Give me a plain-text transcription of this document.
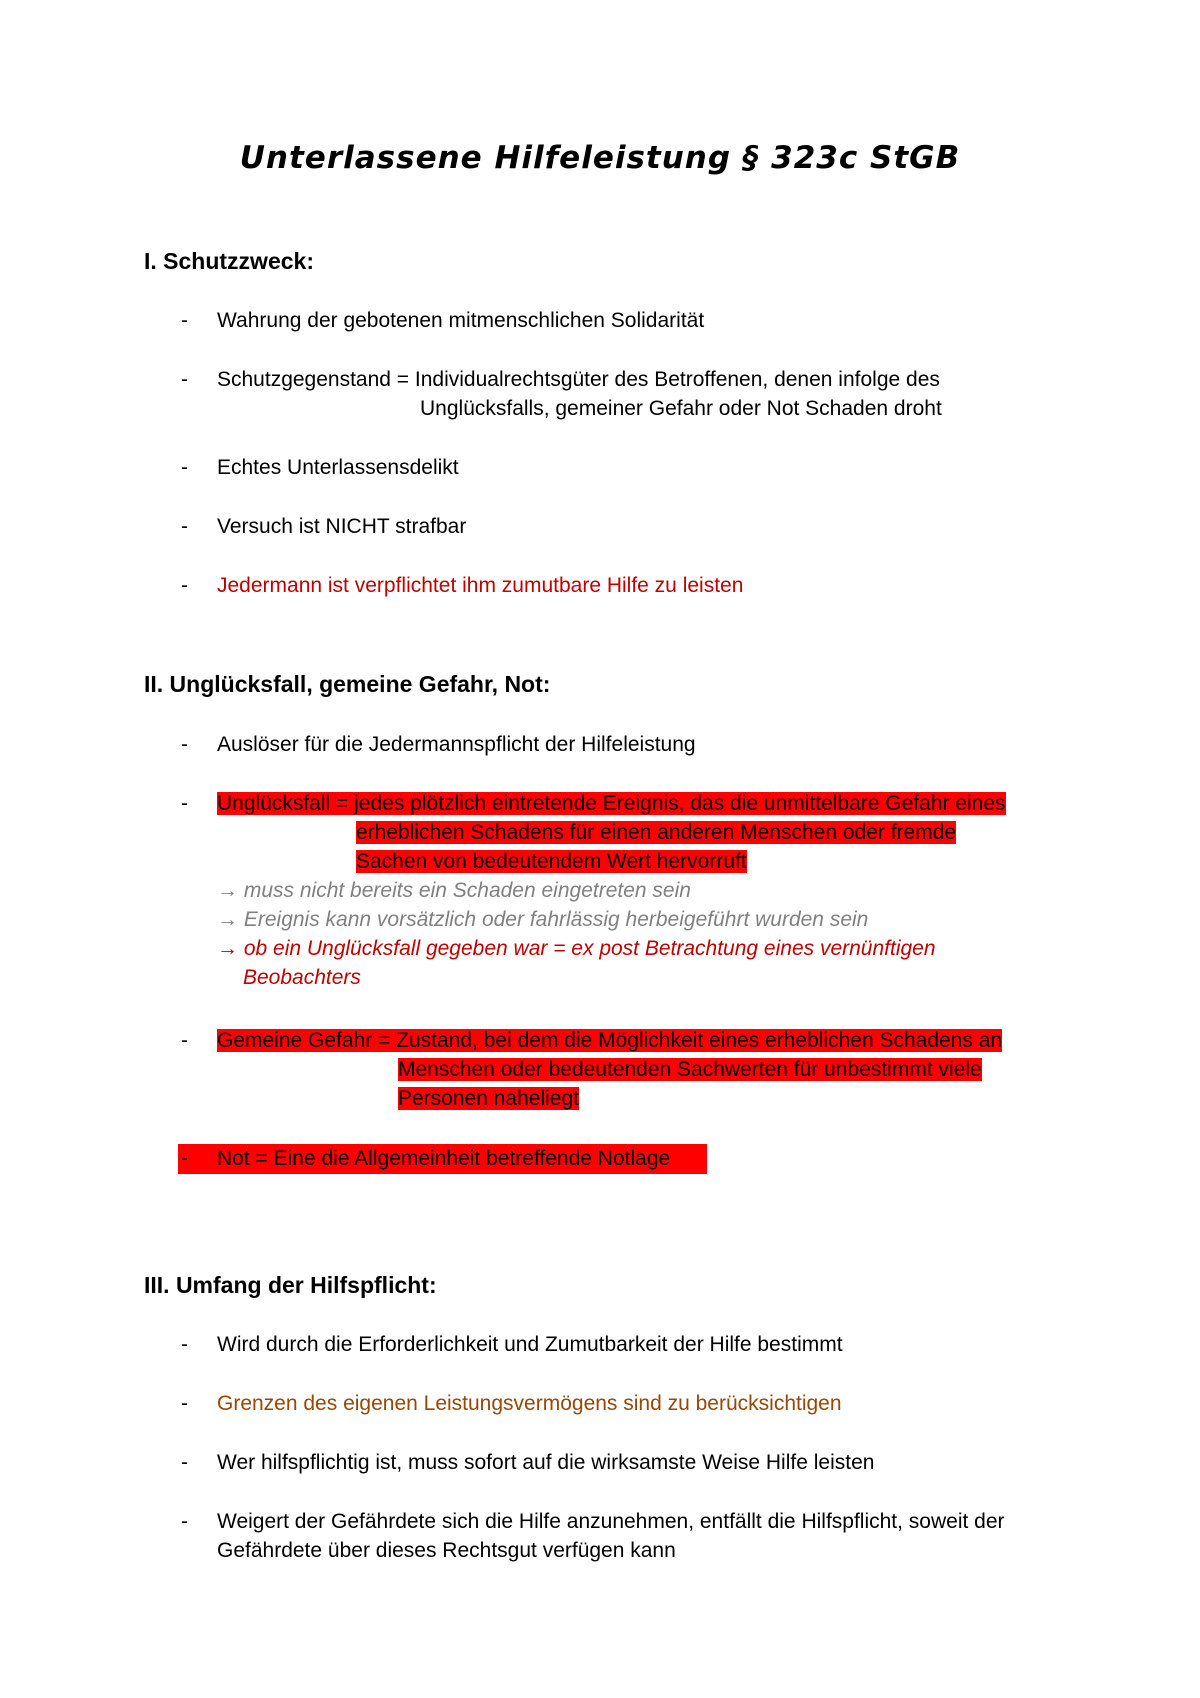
Unterlassene Hilfeleistung § 323c StGB
I. Schutzzweck:
- Wahrung der gebotenen mitmenschlichen Solidarität
- Schutzgegenstand = Individualrechtsgüter des Betroffenen, denen infolge des
Unglücksfalls, gemeiner Gefahr oder Not Schaden droht
- Echtes Unterlassensdelikt
- Versuch ist NICHT strafbar
- Jedermann ist verpflichtet ihm zumutbare Hilfe zu leisten
II. Unglücksfall, gemeine Gefahr, Not:
- Auslöser für die Jedermannspflicht der Hilfeleistung
- Unglücksfall = jedes plötzlich eintretende Ereignis, das die unmittelbare Gefahr eines
erheblichen Schadens für einen anderen Menschen oder fremde
Sachen von bedeutendem Wert hervorruft
→ muss nicht bereits ein Schaden eingetreten sein
→ Ereignis kann vorsätzlich oder fahrlässig herbeigeführt wurden sein
→ ob ein Unglücksfall gegeben war = ex post Betrachtung eines vernünftigen
Beobachters
- Gemeine Gefahr = Zustand, bei dem die Möglichkeit eines erheblichen Schadens an
Menschen oder bedeutenden Sachwerten für unbestimmt viele
Personen naheliegt
- Not = Eine die Allgemeinheit betreffende Notlage
III. Umfang der Hilfspflicht:
- Wird durch die Erforderlichkeit und Zumutbarkeit der Hilfe bestimmt
- Grenzen des eigenen Leistungsvermögens sind zu berücksichtigen
- Wer hilfspflichtig ist, muss sofort auf die wirksamste Weise Hilfe leisten
- Weigert der Gefährdete sich die Hilfe anzunehmen, entfällt die Hilfspflicht, soweit der
Gefährdete über dieses Rechtsgut verfügen kann
